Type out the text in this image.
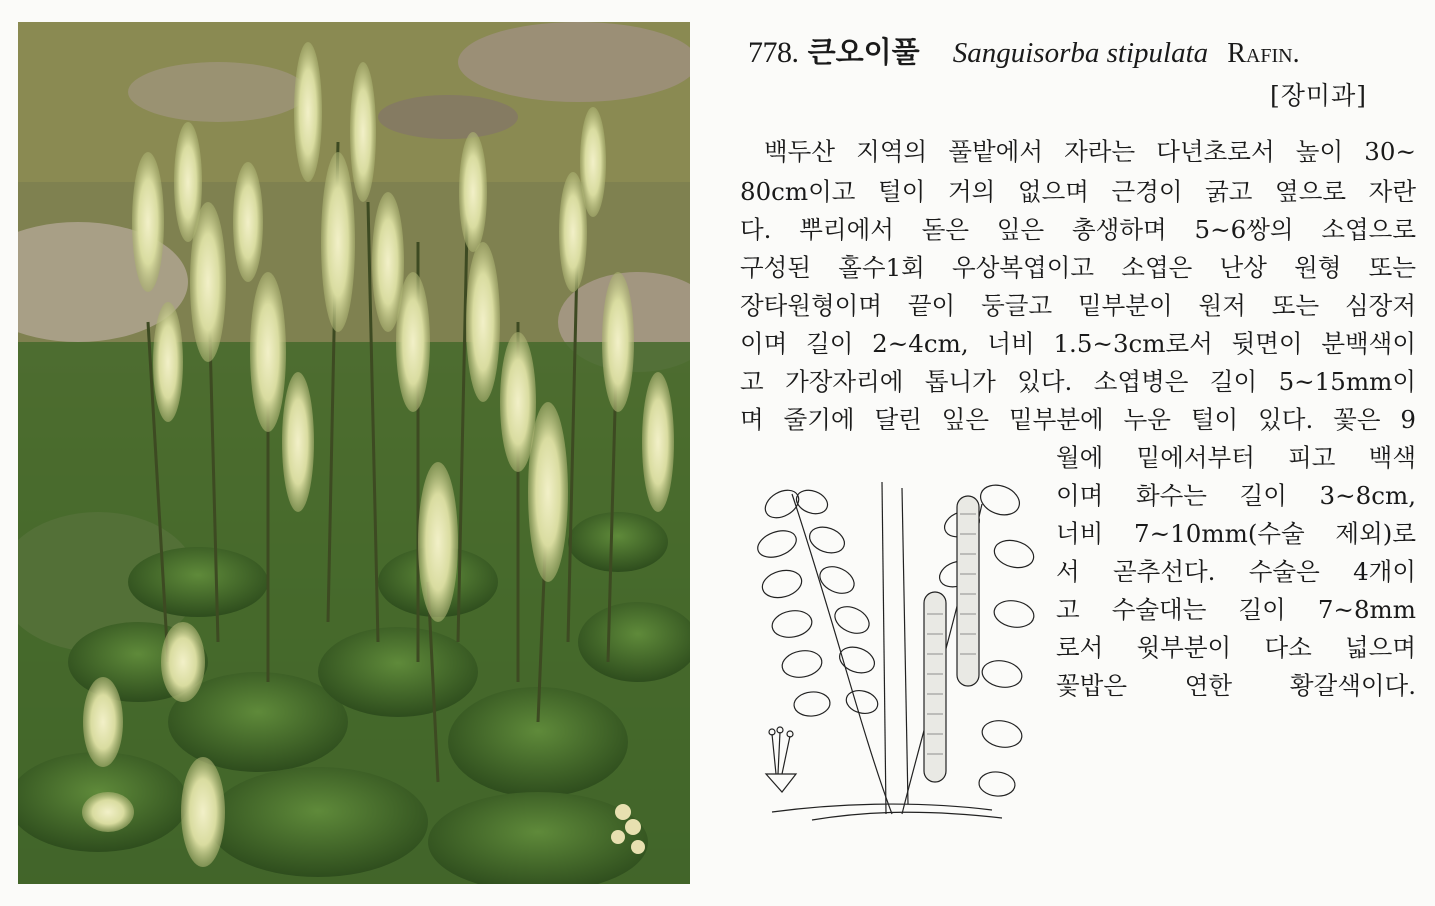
778. 큰오이풀 Sanguisorba stipulata Rafin.
[장미과]
백두산 지역의 풀밭에서 자라는 다년초로서 높이 30~
80cm이고 털이 거의 없으며 근경이 굵고 옆으로 자란
다. 뿌리에서 돋은 잎은 총생하며 5~6쌍의 소엽으로
구성된 홀수1회 우상복엽이고 소엽은 난상 원형 또는
장타원형이며 끝이 둥글고 밑부분이 원저 또는 심장저
이며 길이 2~4cm, 너비 1.5~3cm로서 뒷면이 분백색이
고 가장자리에 톱니가 있다. 소엽병은 길이 5~15mm이
며 줄기에 달린 잎은 밑부분에 누운 털이 있다. 꽃은 9
월에 밑에서부터 피고 백색
이며 화수는 길이 3~8cm,
너비 7~10mm(수술 제외)로
서 곧추선다. 수술은 4개이
고 수술대는 길이 7~8mm
로서 윗부분이 다소 넓으며
꽃밥은 연한 황갈색이다.
